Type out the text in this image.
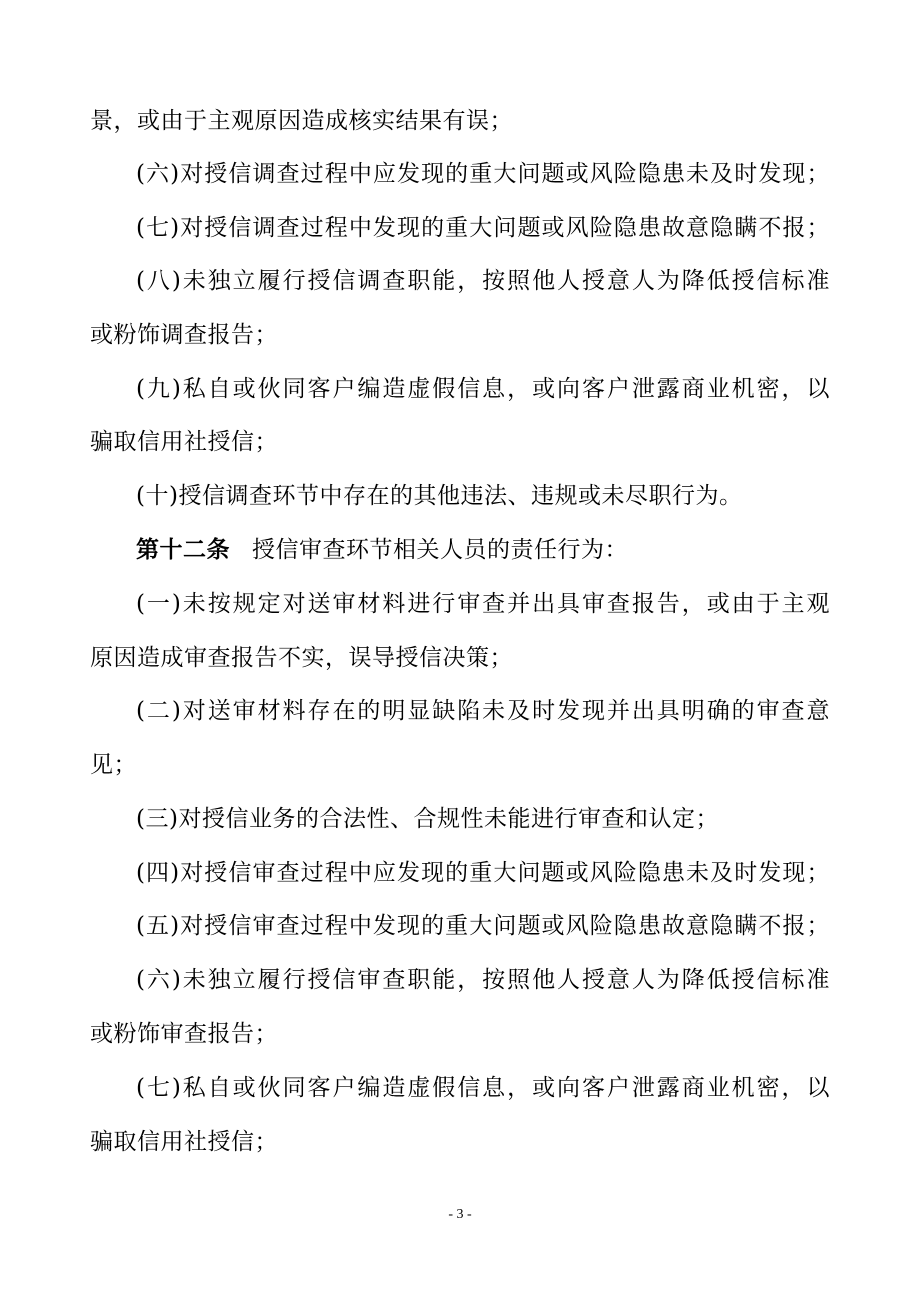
景，或由于主观原因造成核实结果有误；
(六)对授信调查过程中应发现的重大问题或风险隐患未及时发现；
(七)对授信调查过程中发现的重大问题或风险隐患故意隐瞒不报；
(八)未独立履行授信调查职能，按照他人授意人为降低授信标准
或粉饰调查报告；
(九)私自或伙同客户编造虚假信息，或向客户泄露商业机密，以
骗取信用社授信；
(十)授信调查环节中存在的其他违法、违规或未尽职行为。
第十二条 授信审查环节相关人员的责任行为：
(一)未按规定对送审材料进行审查并出具审查报告，或由于主观
原因造成审查报告不实，误导授信决策；
(二)对送审材料存在的明显缺陷未及时发现并出具明确的审查意
见；
(三)对授信业务的合法性、合规性未能进行审查和认定；
(四)对授信审查过程中应发现的重大问题或风险隐患未及时发现；
(五)对授信审查过程中发现的重大问题或风险隐患故意隐瞒不报；
(六)未独立履行授信审查职能，按照他人授意人为降低授信标准
或粉饰审查报告；
(七)私自或伙同客户编造虚假信息，或向客户泄露商业机密，以
骗取信用社授信；
- 3 -
